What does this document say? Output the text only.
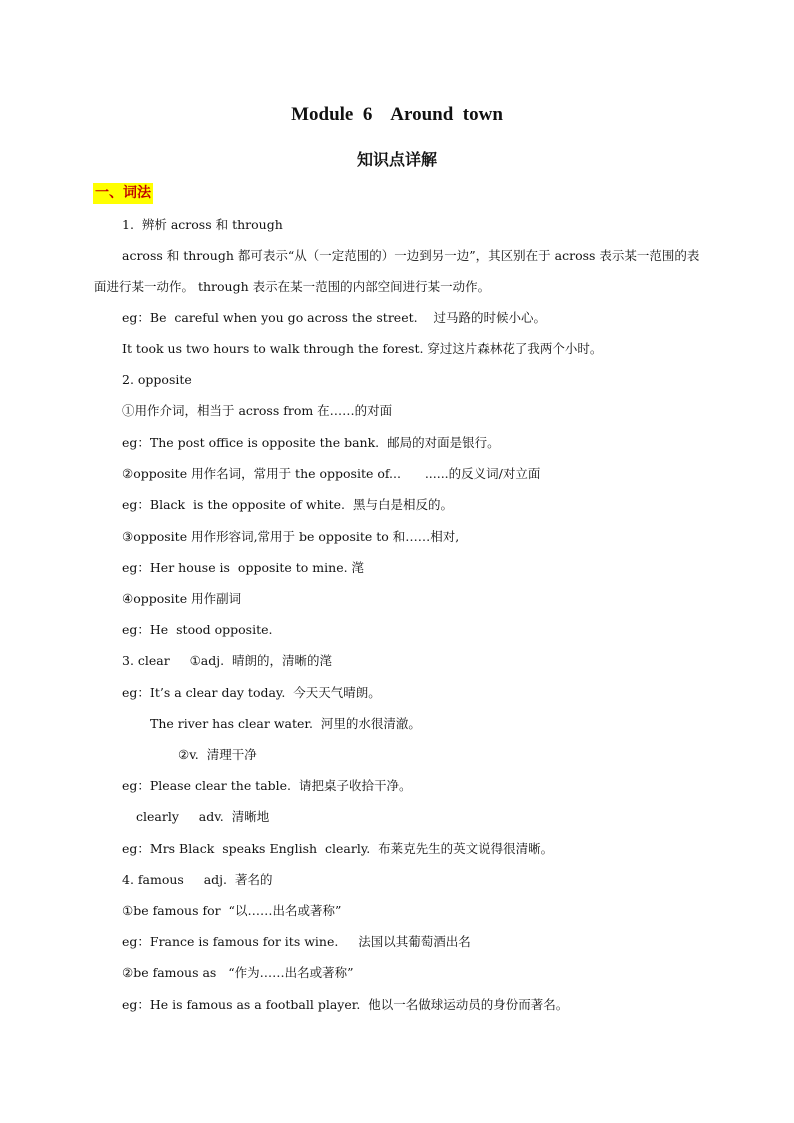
Module  6    Around  town
知识点详解
一、词法
1.  辨析 across 和 through
across 和 through 都可表示“从（一定范围的）一边到另一边”，其区别在于 across 表示某一范围的表面进行某一动作。 through 表示在某一范围的内部空间进行某一动作。
eg：Be  careful when you go across the street.    过马路的时候小心。
It took us two hours to walk through the forest. 穿过这片森林花了我两个小时。
2. opposite
①用作介词，相当于 across from 在……的对面
eg：The post office is opposite the bank.  邮局的对面是银行。
②opposite 用作名词，常用于 the opposite of...      ......的反义词/对立面
eg：Black  is the opposite of white.  黑与白是相反的。
③opposite 用作形容词,常用于 be opposite to 和……相对,
eg：Her house is  opposite to mine. 滗
④opposite 用作副词
eg：He  stood opposite.
3. clear     ①adj.  晴朗的，清晰的滗
eg：It’s a clear day today.  今天天气晴朗。
The river has clear water.  河里的水很清澈。
②v.  清理干净
eg：Please clear the table.  请把桌子收拾干净。
clearly     adv.  清晰地
eg：Mrs Black  speaks English  clearly.  布莱克先生的英文说得很清晰。
4. famous     adj.  著名的
①be famous for  “以……出名或著称”
eg：France is famous for its wine.     法国以其葡萄酒出名
②be famous as   “作为……出名或著称”
eg：He is famous as a football player.  他以一名做球运动员的身份而著名。
